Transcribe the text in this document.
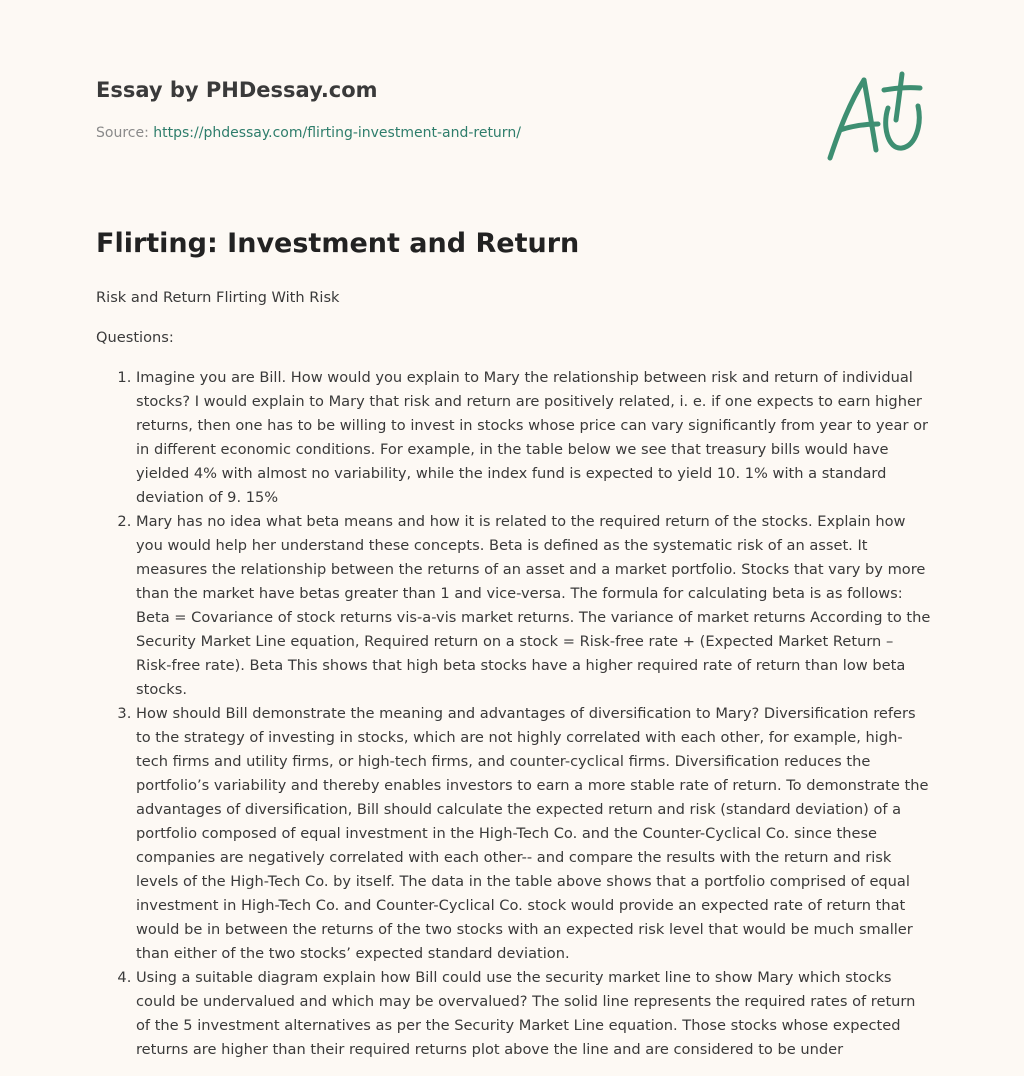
Essay by PHDessay.com

Source: https://phdessay.com/flirting-investment-and-return/

Flirting: Investment and Return

Risk and Return Flirting With Risk

Questions:

1. Imagine you are Bill. How would you explain to Mary the relationship between risk and return of individual stocks? I would explain to Mary that risk and return are positively related, i. e. if one expects to earn higher returns, then one has to be willing to invest in stocks whose price can vary significantly from year to year or in different economic conditions. For example, in the table below we see that treasury bills would have yielded 4% with almost no variability, while the index fund is expected to yield 10. 1% with a standard deviation of 9. 15%
2. Mary has no idea what beta means and how it is related to the required return of the stocks. Explain how you would help her understand these concepts. Beta is defined as the systematic risk of an asset. It measures the relationship between the returns of an asset and a market portfolio. Stocks that vary by more than the market have betas greater than 1 and vice-versa. The formula for calculating beta is as follows: Beta = Covariance of stock returns vis-a-vis market returns. The variance of market returns According to the Security Market Line equation, Required return on a stock = Risk-free rate + (Expected Market Return – Risk-free rate). Beta This shows that high beta stocks have a higher required rate of return than low beta stocks.
3. How should Bill demonstrate the meaning and advantages of diversification to Mary? Diversification refers to the strategy of investing in stocks, which are not highly correlated with each other, for example, high-tech firms and utility firms, or high-tech firms, and counter-cyclical firms. Diversification reduces the portfolio’s variability and thereby enables investors to earn a more stable rate of return. To demonstrate the advantages of diversification, Bill should calculate the expected return and risk (standard deviation) of a portfolio composed of equal investment in the High-Tech Co. and the Counter-Cyclical Co. since these companies are negatively correlated with each other-- and compare the results with the return and risk levels of the High-Tech Co. by itself. The data in the table above shows that a portfolio comprised of equal investment in High-Tech Co. and Counter-Cyclical Co. stock would provide an expected rate of return that would be in between the returns of the two stocks with an expected risk level that would be much smaller than either of the two stocks’ expected standard deviation.
4. Using a suitable diagram explain how Bill could use the security market line to show Mary which stocks could be undervalued and which may be overvalued? The solid line represents the required rates of return of the 5 investment alternatives as per the Security Market Line equation. Those stocks whose expected returns are higher than their required returns plot above the line and are considered to be under
